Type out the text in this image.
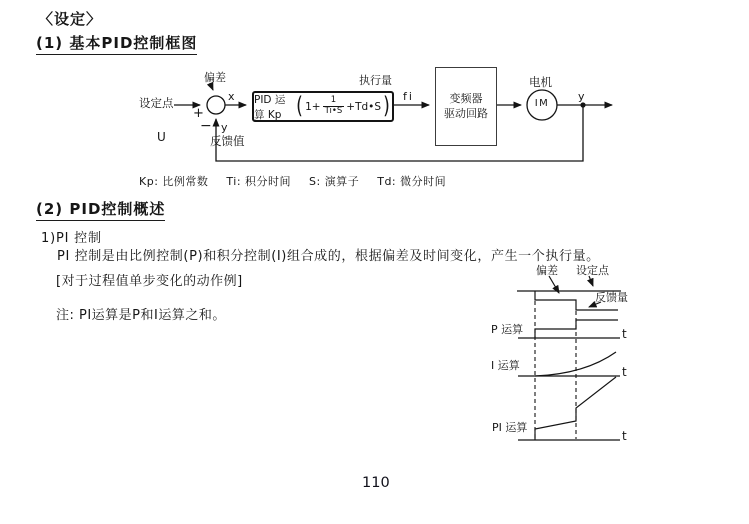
〈设定〉
(1) 基本PID控制框图
偏差
设定点
+
−
x
y
U	反馈值
PID 运算 Kp ( $1+ \frac{1}{Ti•S}$ +Td•S )
执行量
fi	变频器
驱动回路
电机
IM
y
Kp: 比例常数 Ti: 积分时间 S: 演算子 Td: 微分时间
(2) PID控制概述
1)PI 控制
PI 控制是由比例控制(P)和积分控制(I)组合成的，根据偏差及时间变化，产生一个执行量。
[对于过程值单步变化的动作例]
注: PI运算是P和I运算之和。
偏差 设定点
反馈量
P 运算
I 运算
PI 运算
t
t
t
110
